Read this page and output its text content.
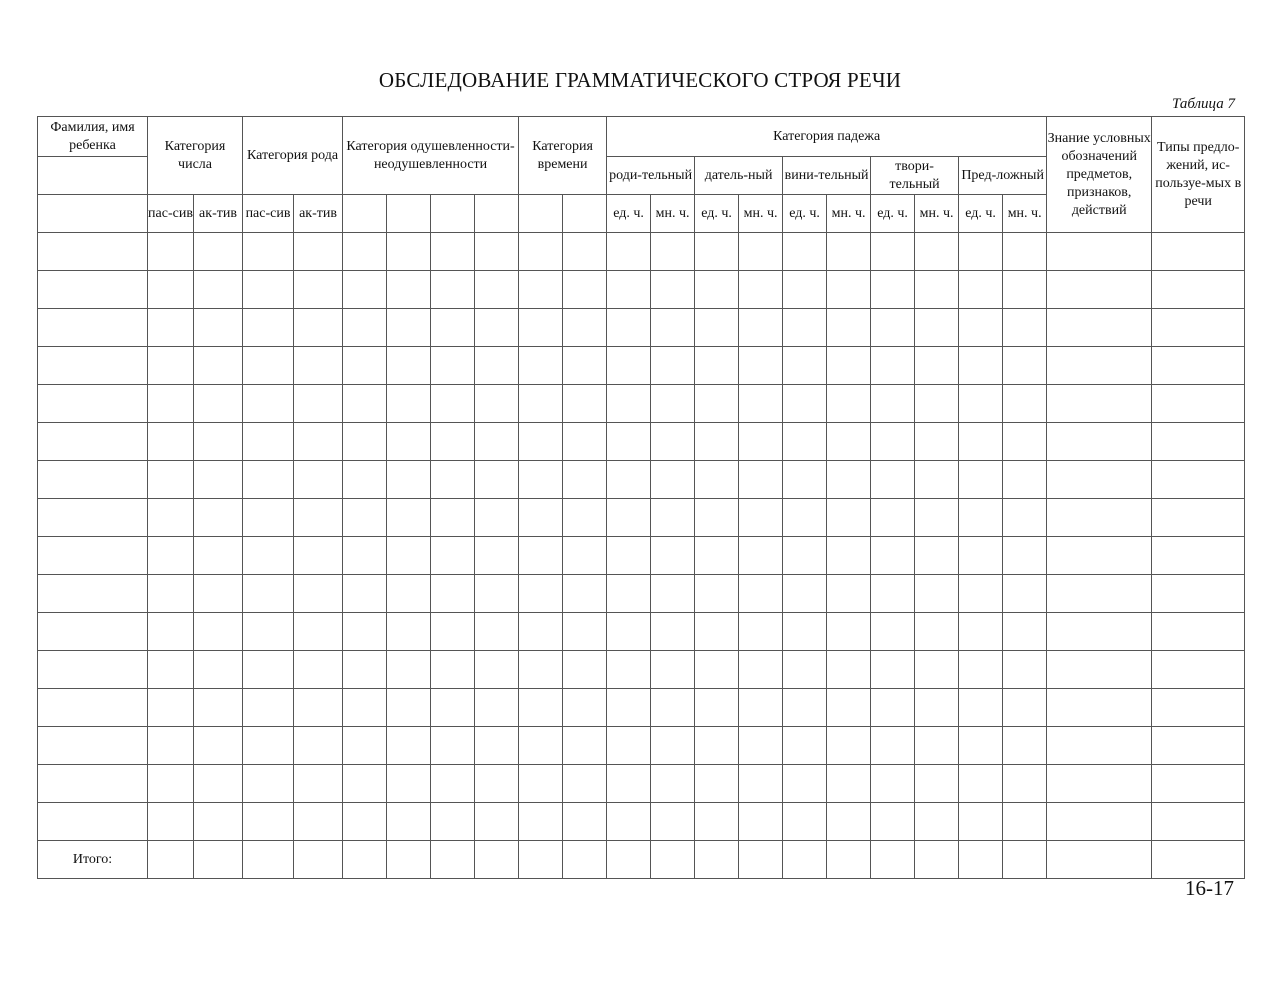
ОБСЛЕДОВАНИЕ ГРАММАТИЧЕСКОГО СТРОЯ РЕЧИ
Таблица 7
Фамилия, имя ребенка	Категория числа		Категория рода		Категория одушевленности-неодушевленности				Категория времени		Категория падежа										Знание условных обозначений предметов, признаков, действий	Типы предло-жений, ис-пользуе-мых в речи
											роди-тельный		датель-ный		вини-тельный		твори-тельный		Пред-ложный			
	пас-сив	ак-тив	пас-сив	ак-тив							ед. ч.	мн. ч.	ед. ч.	мн. ч.	ед. ч.	мн. ч.	ед. ч.	мн. ч.	ед. ч.	мн. ч.		

Итого:																						
16-17
